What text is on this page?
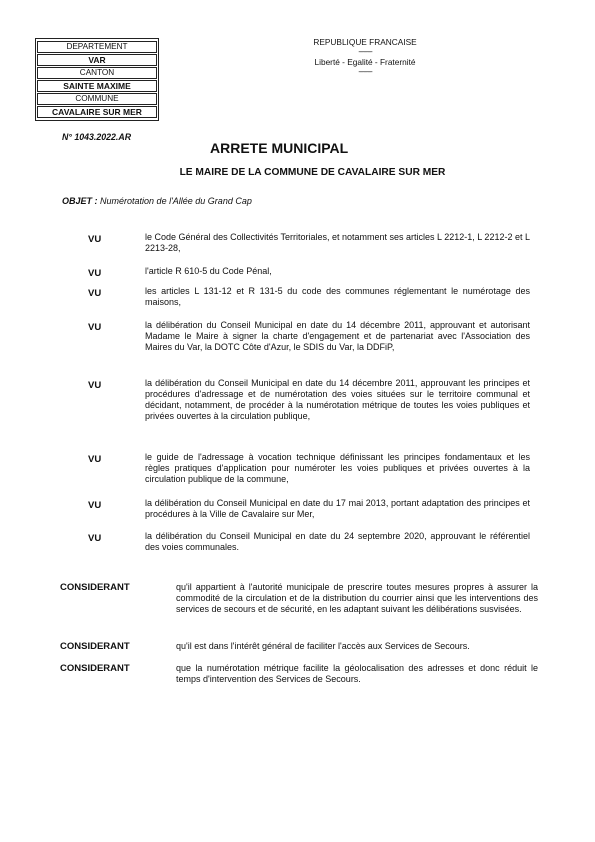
DEPARTEMENT
VAR
CANTON
SAINTE MAXIME
COMMUNE
CAVALAIRE SUR MER
REPUBLIQUE FRANCAISE
----------
Liberté - Egalité - Fraternité
----------
N° 1043.2022.AR
ARRETE MUNICIPAL
LE MAIRE DE LA COMMUNE DE CAVALAIRE SUR MER
OBJET : Numérotation de l'Allée du Grand Cap
VU	le Code Général des Collectivités Territoriales, et notamment ses articles L 2212-1, L 2212-2 et L 2213-28,
VU	l'article R 610-5 du Code Pénal,
VU	les articles L 131-12 et R 131-5 du code des communes réglementant le numérotage des maisons,
VU	la délibération du Conseil Municipal en date du 14 décembre 2011, approuvant et autorisant Madame le Maire à signer la charte d'engagement et de partenariat avec l'Association des Maires du Var, la DOTC Côte d'Azur, le SDIS du Var, la DDFiP,
VU	la délibération du Conseil Municipal en date du 14 décembre 2011, approuvant les principes et procédures d'adressage et de numérotation des voies situées sur le territoire communal et décidant, notamment, de procéder à la numérotation métrique de toutes les voies publiques et privées ouvertes à la circulation publique,
VU	le guide de l'adressage à vocation technique définissant les principes fondamentaux et les règles pratiques d'application pour numéroter les voies publiques et privées ouvertes à la circulation publique de la commune,
VU	la délibération du Conseil Municipal en date du 17 mai 2013, portant adaptation des principes et procédures à la Ville de Cavalaire sur Mer,
VU	la délibération du Conseil Municipal en date du 24 septembre 2020, approuvant le référentiel des voies communales.
CONSIDERANT	qu'il appartient à l'autorité municipale de prescrire toutes mesures propres à assurer la commodité de la circulation et de la distribution du courrier ainsi que les interventions des services de secours et de sécurité, en les adaptant suivant les délibérations susvisées.
CONSIDERANT	qu'il est dans l'intérêt général de faciliter l'accès aux Services de Secours.
CONSIDERANT	que la numérotation métrique facilite la géolocalisation des adresses et donc réduit le temps d'intervention des Services de Secours.
